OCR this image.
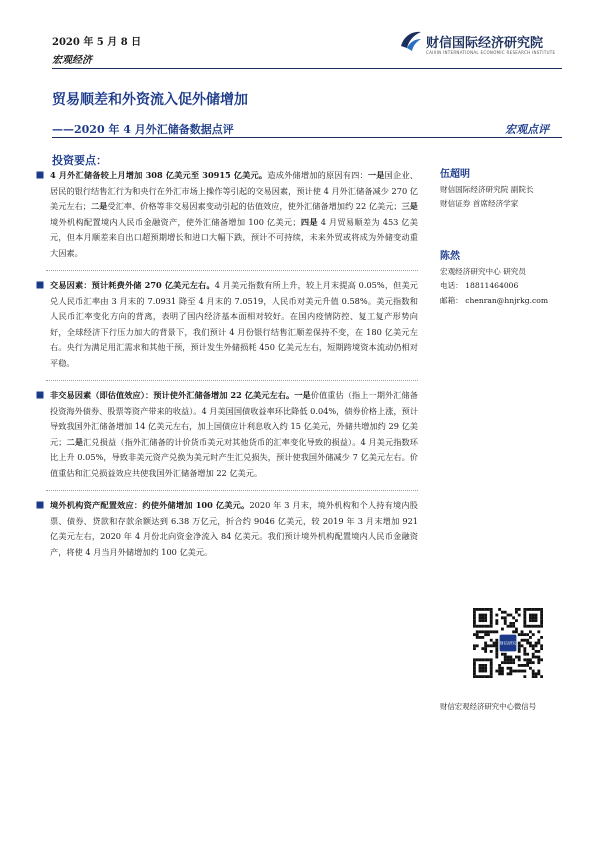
2020 年 5 月 8 日
宏观经济
财信国际经济研究院
CAIXIN INTERNATIONAL ECONOMIC RESEARCH INSTITUTE
贸易顺差和外资流入促外储增加
——2020 年 4 月外汇储备数据点评	宏观点评
投资要点：

4 月外汇储备较上月增加 308 亿美元至 30915 亿美元。造成外储增加的原因有四：一是国企业、居民的银行结售汇行为和央行在外汇市场上操作等引起的交易因素，预计使 4 月外汇储备减少 270 亿美元左右；二是受汇率、价格等非交易因素变动引起的估值效应，使外汇储备增加约 22 亿美元；三是境外机构配置境内人民币金融资产，使外汇储备增加 100 亿美元；四是 4 月贸易顺差为 453 亿美元，但本月顺差来自出口超预期增长和进口大幅下跌，预计不可持续，未来外贸或将成为外储变动重大因素。

交易因素：预计耗费外储 270 亿美元左右。4 月美元指数有所上升，较上月末提高 0.05%，但美元兑人民币汇率由 3 月末的 7.0931 降至 4 月末的 7.0519，人民币对美元升值 0.58%。美元指数和人民币汇率变化方向的背离，表明了国内经济基本面相对较好。在国内疫情防控、复工复产形势向好，全球经济下行压力加大的背景下，我们预计 4 月份银行结售汇顺差保持不变，在 180 亿美元左右。央行为满足用汇需求和其他干预，预计发生外储损耗 450 亿美元左右，短期跨境资本流动仍相对平稳。

非交易因素（即估值效应）：预计使外汇储备增加 22 亿美元左右。一是价值重估（指上一期外汇储备投资海外债券、股票等资产带来的收益）。4 月美国国债收益率环比降低 0.04%，债券价格上涨，预计导致我国外汇储备增加 14 亿美元左右，加上国债应计利息收入约 15 亿美元，外储共增加约 29 亿美元；二是汇兑损益（指外汇储备的计价货币美元对其他货币的汇率变化导致的损益）。4 月美元指数环比上升 0.05%，导致非美元资产兑换为美元时产生汇兑损失，预计使我国外储减少 7 亿美元左右。价值重估和汇兑损益效应共使我国外汇储备增加 22 亿美元。

境外机构资产配置效应：约使外储增加 100 亿美元。2020 年 3 月末，境外机构和个人持有境内股票、债券、贷款和存款余额达到 6.38 万亿元，折合约 9046 亿美元，较 2019 年 3 月末增加 921 亿美元左右，2020 年 4 月份北向资金净流入 84 亿美元。我们预计境外机构配置境内人民币金融资产，将使 4 月当月外储增加约 100 亿美元。

伍超明
财信国际经济研究院 副院长
财信证券 首席经济学家
陈然
宏观经济研究中心 研究员
电话： 18811464006
邮箱： chenran@hnjrkg.com
财信研究
财信宏观经济研究中心微信号
